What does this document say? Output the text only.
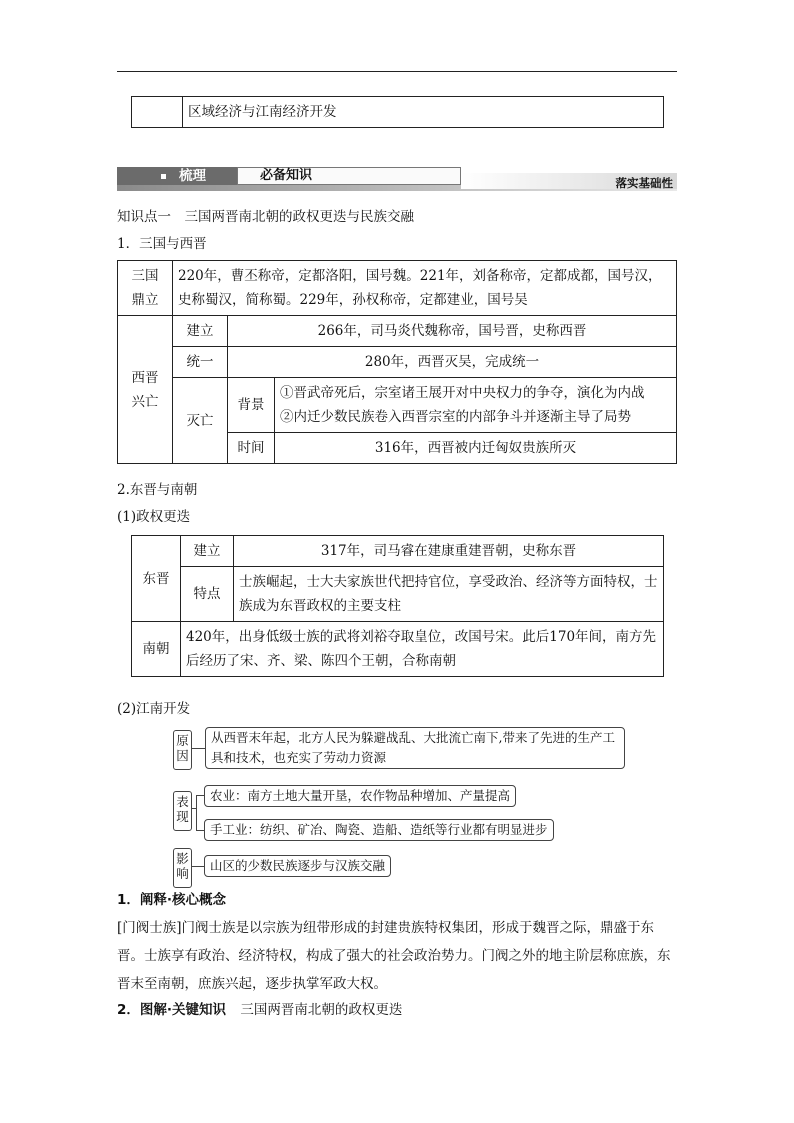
	区域经济与江南经济开发
梳理	必备知识	落实基础性
知识点一　三国两晋南北朝的政权更迭与民族交融
1．三国与西晋
三国鼎立	220年，曹丕称帝，定都洛阳，国号魏。221年，刘备称帝，定都成都，国号汉，史称蜀汉，简称蜀。229年，孙权称帝，定都建业，国号吴		
西晋兴亡	建立	266年，司马炎代魏称帝，国号晋，史称西晋	
	统一	280年，西晋灭吴，完成统一	
	灭亡	背景	①晋武帝死后，宗室诸王展开对中央权力的争夺，演化为内战
②内迁少数民族卷入西晋宗室的内部争斗并逐渐主导了局势

		时间	316年，西晋被内迁匈奴贵族所灭
2.东晋与南朝
(1)政权更迭
东晋	建立	317年，司马睿在建康重建晋朝，史称东晋
	特点	士族崛起，士大夫家族世代把持官位，享受政治、经济等方面特权，士族成为东晋政权的主要支柱
南朝	420年，出身低级士族的武将刘裕夺取皇位，改国号宋。此后170年间，南方先后经历了宋、齐、梁、陈四个王朝，合称南朝	
(2)江南开发
原因
从西晋末年起，北方人民为躲避战乱、大批流亡南下,带来了先进的生产工具和技术，也充实了劳动力资源
表现
农业：南方土地大量开垦，农作物品种增加、产量提高
手工业：纺织、矿冶、陶瓷、造船、造纸等行业都有明显进步
影响
山区的少数民族逐步与汉族交融
1．阐释·核心概念
[门阀士族]门阀士族是以宗族为纽带形成的封建贵族特权集团，形成于魏晋之际，鼎盛于东晋。士族享有政治、经济特权，构成了强大的社会政治势力。门阀之外的地主阶层称庶族，东晋末至南朝，庶族兴起，逐步执掌军政大权。
2．图解·关键知识 三国两晋南北朝的政权更迭
